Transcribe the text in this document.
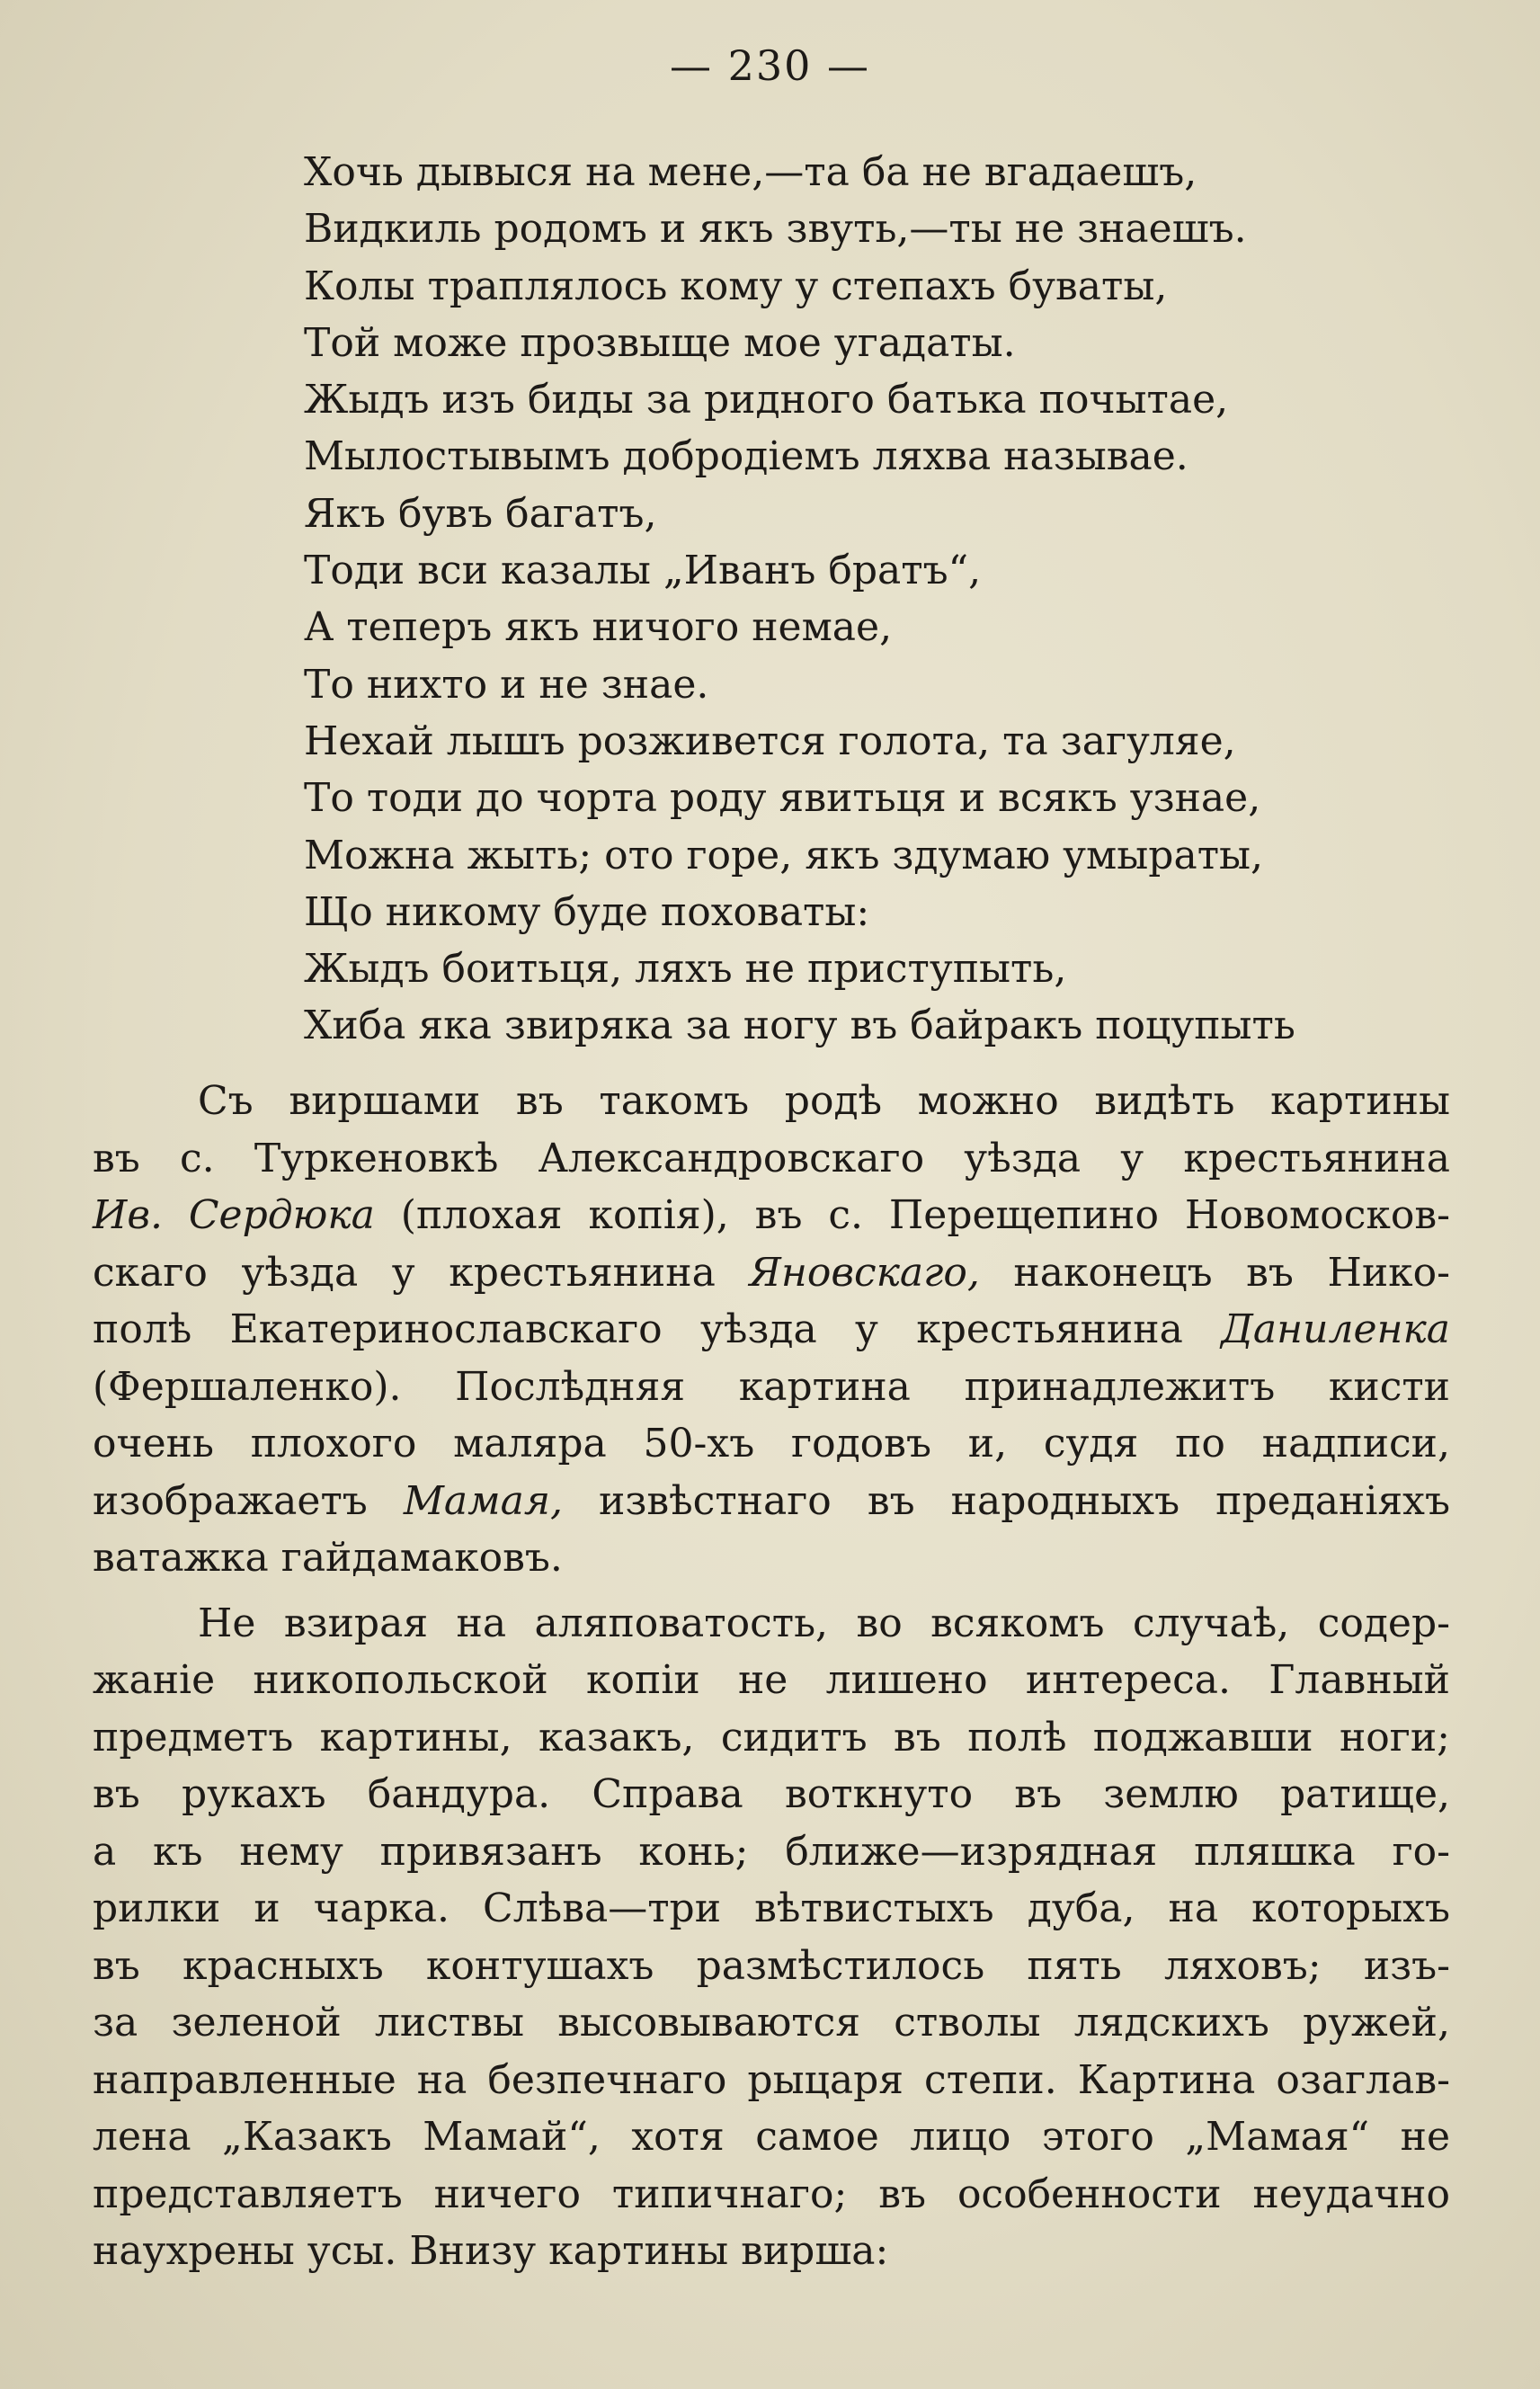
— 230 —
Хочь дывыся на мене,—та ба не вгадаешъ,
Видкиль родомъ и якъ звуть,—ты не знаешъ.
Колы траплялось кому у степахъ буваты,
Той може прозвыще мое угадаты.
Жыдъ изъ биды за ридного батька почытае,
Мылостывымъ добродіемъ ляхва называе.
Якъ бувъ багатъ,
Тоди вси казалы „Иванъ братъ“,
А теперъ якъ ничого немае,
То нихто и не знае.
Нехай лышъ розживется голота, та загуляе,
То тоди до чорта роду явитьця и всякъ узнае,
Можна жыть; ото горе, якъ здумаю умыраты,
Що никому буде поховаты:
Жыдъ боитьця, ляхъ не приступыть,
Хиба яка звиряка за ногу въ байракъ поцупыть
Съ виршами въ такомъ родѣ можно видѣть картины
въ с. Туркеновкѣ Александровскаго уѣзда у крестьянина
Ив. Сердюка (плохая копія), въ с. Перещепино Новомосков-
скаго уѣзда у крестьянина Яновскаго, наконецъ въ Нико-
полѣ Екатеринославскаго уѣзда у крестьянина Даниленка
(Фершаленко). Послѣдняя картина принадлежитъ кисти
очень плохого маляра 50-хъ годовъ и, судя по надписи,
изображаетъ Мамая, извѣстнаго въ народныхъ преданіяхъ
ватажка гайдамаковъ.
Не взирая на аляповатость, во всякомъ случаѣ, содер-
жаніе никопольской копіи не лишено интереса. Главный
предметъ картины, казакъ, сидитъ въ полѣ поджавши ноги;
въ рукахъ бандура. Справа воткнуто въ землю ратище,
а къ нему привязанъ конь; ближе—изрядная пляшка го-
рилки и чарка. Слѣва—три вѣтвистыхъ дуба, на которыхъ
въ красныхъ контушахъ размѣстилось пять ляховъ; изъ-
за зеленой листвы высовываются стволы лядскихъ ружей,
направленные на безпечнаго рыцаря степи. Картина озаглав-
лена „Казакъ Мамай“, хотя самое лицо этого „Мамая“ не
представляетъ ничего типичнаго; въ особенности неудачно
наухрены усы. Внизу картины вирша:
